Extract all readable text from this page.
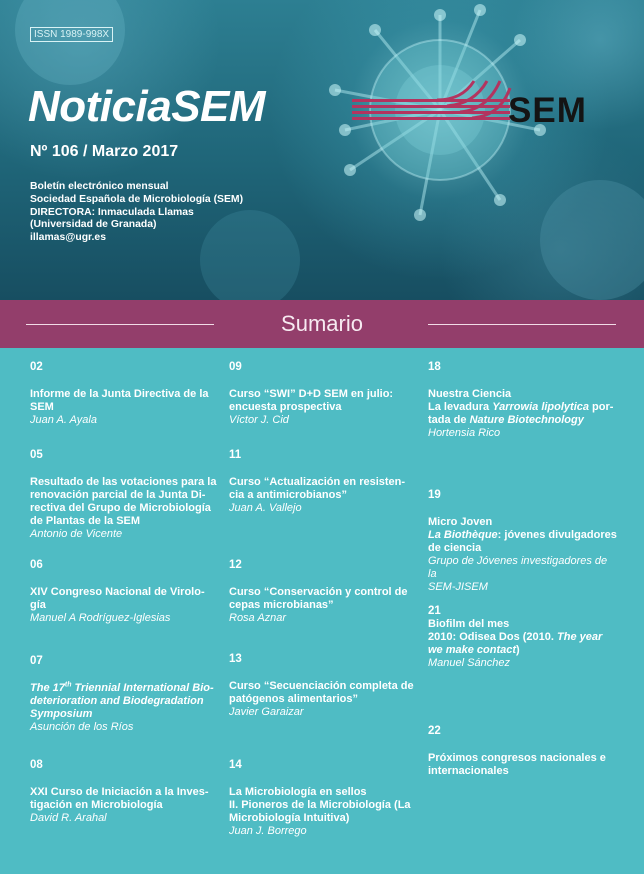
ISSN 1989-998X
NoticiaSEM
Nº 106 / Marzo 2017
Boletín electrónico mensual
Sociedad Española de Microbiología (SEM)
DIRECTORA: Inmaculada Llamas
(Universidad de Granada)
illamas@ugr.es
SEM
Sumario
02
Informe de la Junta Directiva de la
SEM
Juan A. Ayala
05
Resultado de las votaciones para la
renovación parcial de la Junta Di-
rectiva del Grupo de Microbiología
de Plantas de la SEM
Antonio de Vicente
06
XIV Congreso Nacional de Virolo-
gía
Manuel A Rodríguez-Iglesias
07
The 17th Triennial International Bio-
deterioration and Biodegradation
Symposium
Asunción de los Ríos
08
XXI Curso de Iniciación a la Inves-
tigación en Microbiología
David R. Arahal
09
Curso “SWI” D+D SEM en julio:
encuesta prospectiva
Víctor J. Cid
11
Curso “Actualización en resisten-
cia a antimicrobianos”
Juan A. Vallejo
12
Curso “Conservación y control de
cepas microbianas”
Rosa Aznar
13
Curso “Secuenciación completa de
patógenos alimentarios”
Javier Garaizar
14
La Microbiología en sellos
II. Pioneros de la Microbiología (La
Microbiología Intuitiva)
Juan J. Borrego
18
Nuestra Ciencia
La levadura Yarrowia lipolytica por-
tada de Nature Biotechnology
Hortensia Rico
19
Micro Joven
La Biothèque: jóvenes divulgadores
de ciencia
Grupo de Jóvenes investigadores de la
SEM-JISEM
21
Biofilm del mes
2010: Odisea Dos (2010. The year
we make contact)
Manuel Sánchez
22
Próximos congresos nacionales e
internacionales
